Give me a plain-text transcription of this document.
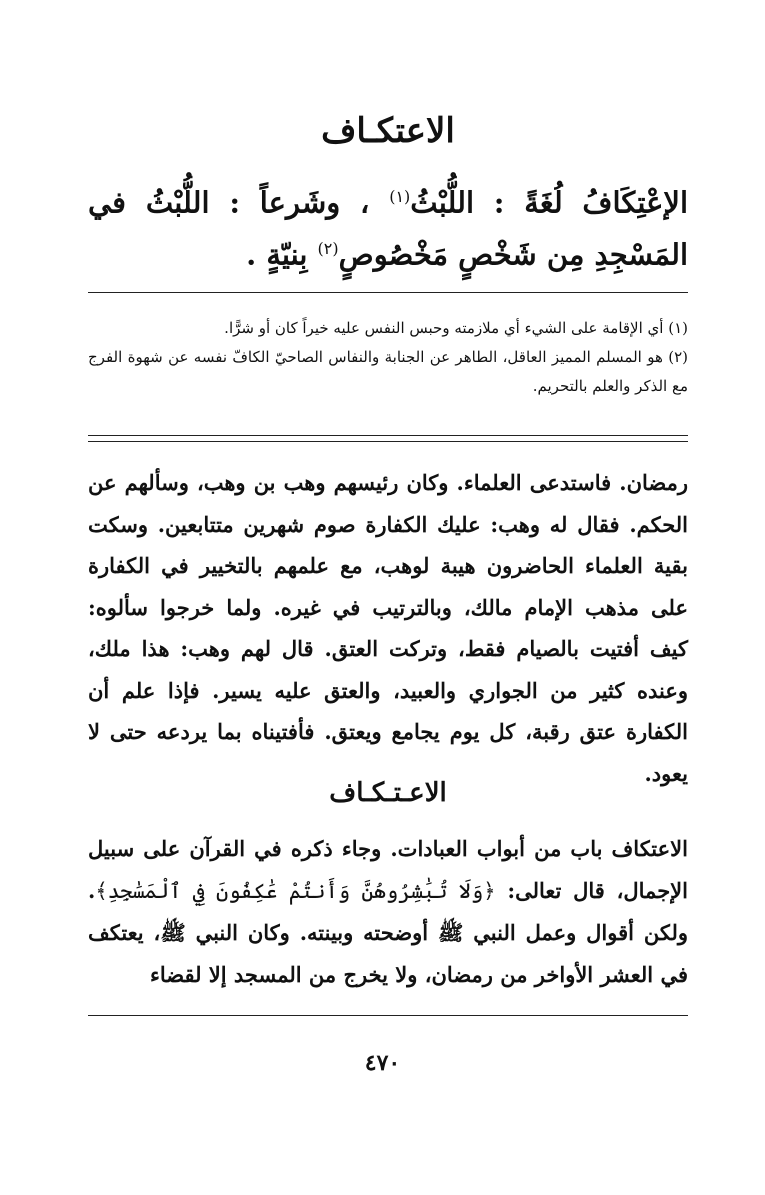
الاعتكـاف

الإعْتِكَافُ لُغَةً : اللُّبْثُ$^{(١)}$ ، وشَرعاً : اللُّبْثُ في المَسْجِدِ مِن شَخْصٍ مَخْصُوصٍ$^{(٢)}$ بِنيّةٍ .

(١) أي الإقامة على الشيء أي ملازمته وحبس النفس عليه خيراً كان أو شرًّا.

(٢) هو المسلم المميز العاقل، الطاهر عن الجنابة والنفاس الصاحيّ الكافّ نفسه عن شهوة الفرج مع الذكر والعلم بالتحريم.

رمضان. فاستدعى العلماء. وكان رئيسهم وهب بن وهب، وسألهم عن الحكم. فقال له وهب: عليك الكفارة صوم شهرين متتابعين. وسكت بقية العلماء الحاضرون هيبة لوهب، مع علمهم بالتخيير في الكفارة على مذهب الإمام مالك، وبالترتيب في غيره. ولما خرجوا سألوه: كيف أفتيت بالصيام فقط، وتركت العتق. قال لهم وهب: هذا ملك، وعنده كثير من الجواري والعبيد، والعتق عليه يسير. فإذا علم أن الكفارة عتق رقبة، كل يوم يجامع ويعتق. فأفتيناه بما يردعه حتى لا يعود.

الاعـتـكـاف

الاعتكاف باب من أبواب العبادات. وجاء ذكره في القرآن على سبيل الإجمال، قال تعالى: ﴿وَلَا تُبَٰشِرُوهُنَّ وَأَنتُمْ عَٰكِفُونَ فِي ٱلْمَسَٰجِدِ﴾. ولكن أقوال وعمل النبي ﷺ أوضحته وبينته. وكان النبي ﷺ، يعتكف في العشر الأواخر من رمضان، ولا يخرج من المسجد إلا لقضاء

٤٧٠
